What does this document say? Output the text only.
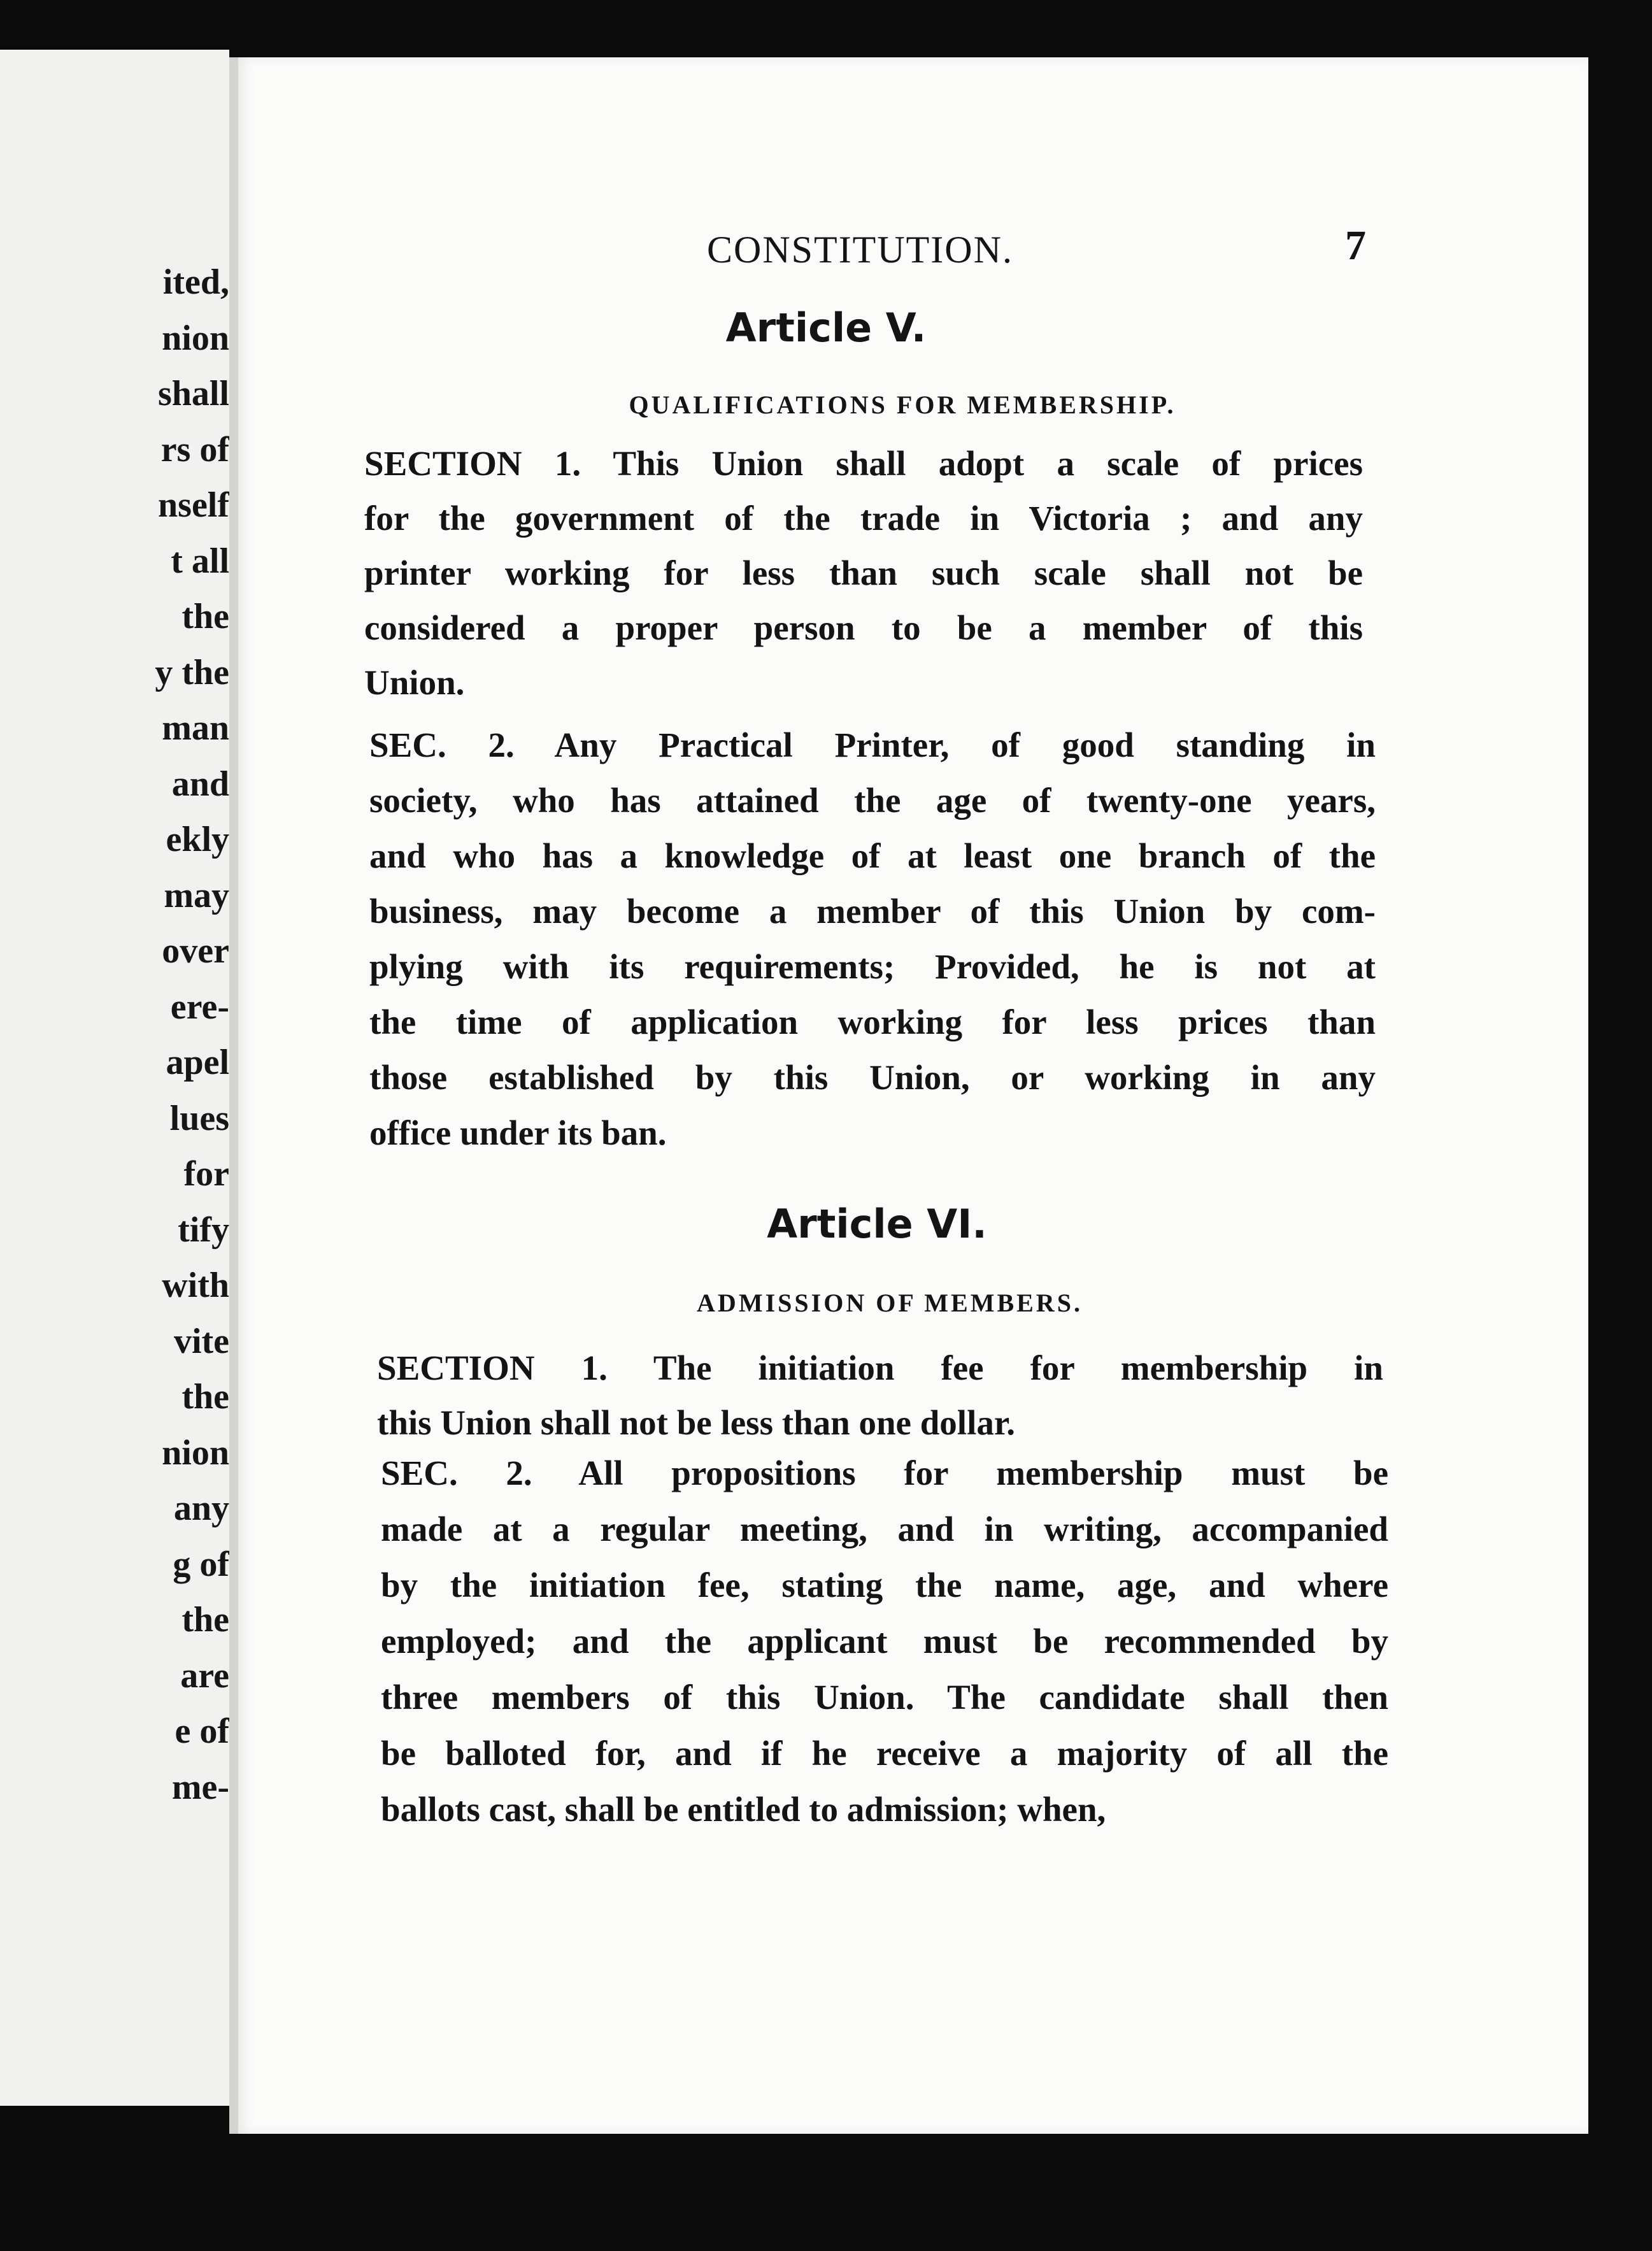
ited,
nion
shall
rs of
nself
t all
the
y the
man
and
ekly
may
over
ere-
apel
lues
for
tify
with
vite
the
nion
any
g of
the
are
e of
me-
CONSTITUTION.	7
Article V.
QUALIFICATIONS FOR MEMBERSHIP.
SECTION 1. This Union shall adopt a scale of prices
for the government of the trade in Victoria ; and any
printer working for less than such scale shall not be
considered a proper person to be a member of this
Union.
SEC. 2. Any Practical Printer, of good standing in
society, who has attained the age of twenty-one years,
and who has a knowledge of at least one branch of the
business, may become a member of this Union by com-
plying with its requirements; Provided, he is not at
the time of application working for less prices than
those established by this Union, or working in any
office under its ban.
Article VI.
ADMISSION OF MEMBERS.
SECTION 1. The initiation fee for membership in
this Union shall not be less than one dollar.
SEC. 2. All propositions for membership must be
made at a regular meeting, and in writing, accompanied
by the initiation fee, stating the name, age, and where
employed; and the applicant must be recommended by
three members of this Union. The candidate shall then
be balloted for, and if he receive a majority of all the
ballots cast, shall be entitled to admission; when,
